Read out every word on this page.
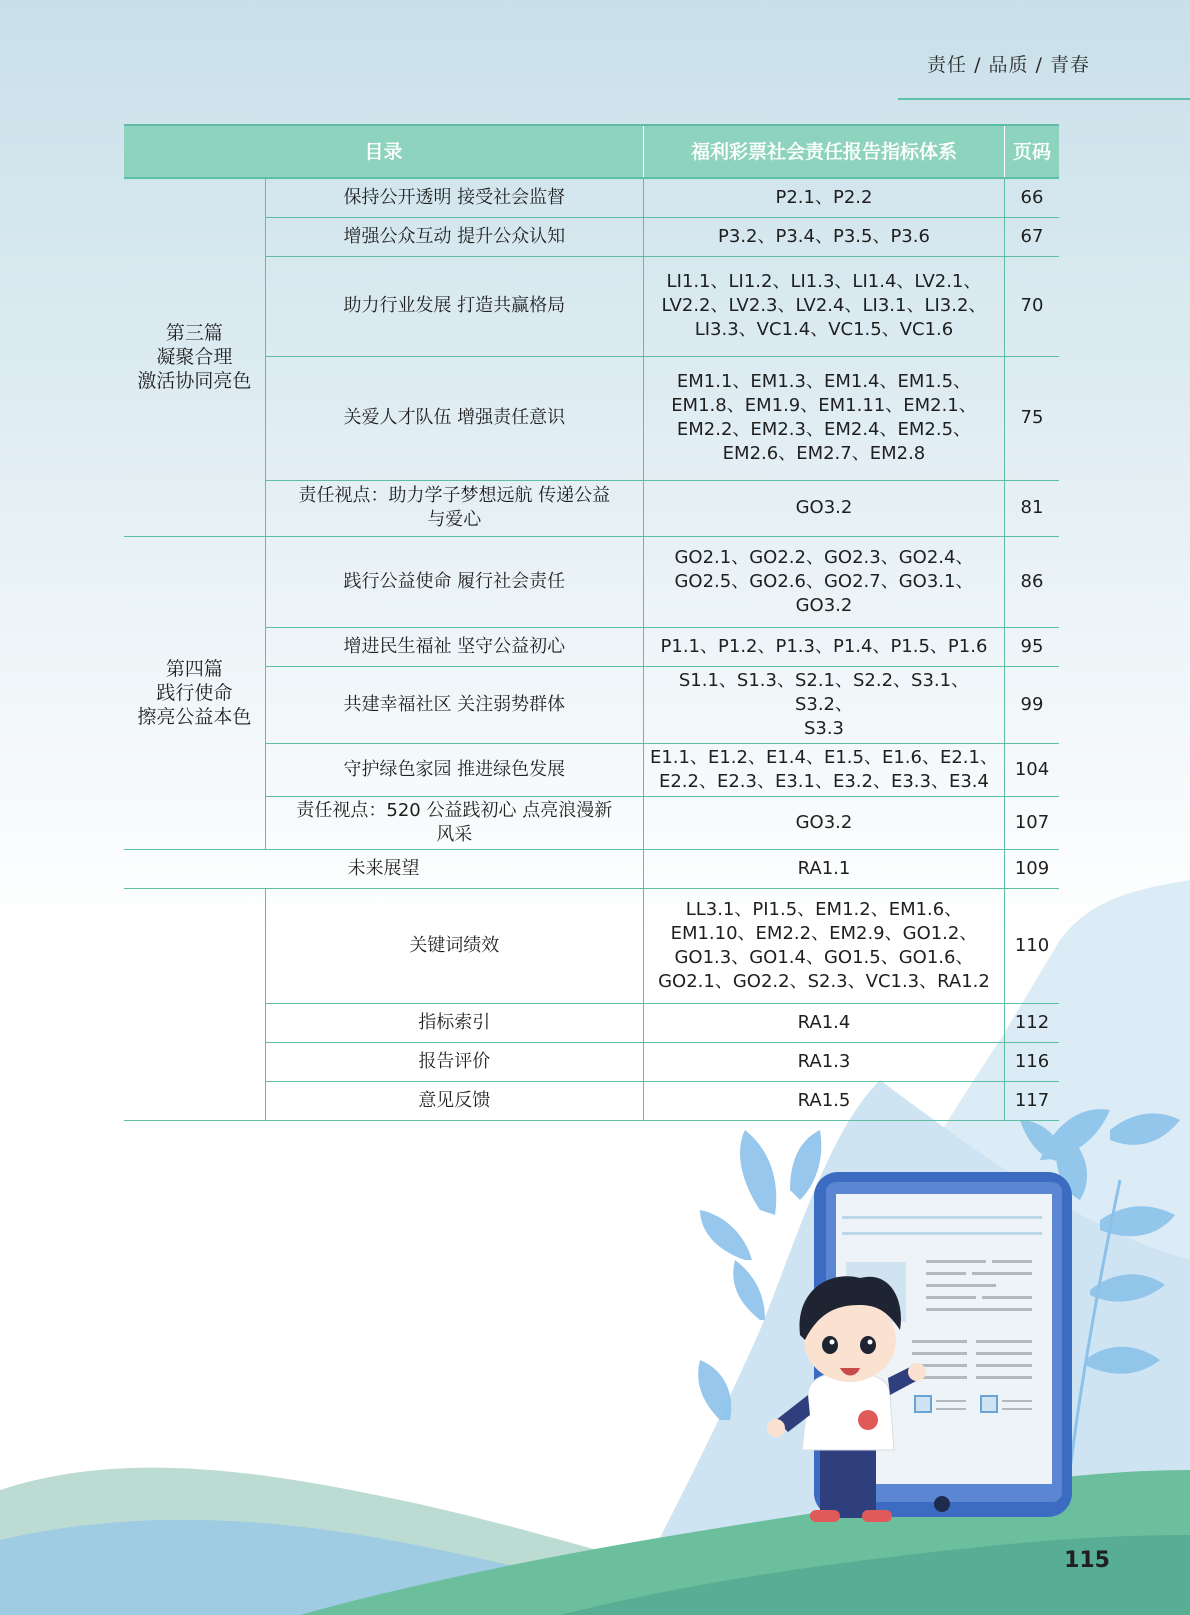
责任 / 品质 / 青春
目录		福利彩票社会责任报告指标体系	页码

第三篇
凝聚合理
激活协同亮色	保持公开透明 接受社会监督	P2.1、P2.2	66

	增强公众互动 提升公众认知	P3.2、P3.4、P3.5、P3.6	67

	助力行业发展 打造共赢格局	LI1.1、LI1.2、LI1.3、LI1.4、LV2.1、
LV2.2、LV2.3、LV2.4、LI3.1、LI3.2、
LI3.3、VC1.4、VC1.5、VC1.6	70

	关爱人才队伍 增强责任意识	EM1.1、EM1.3、EM1.4、EM1.5、
EM1.8、EM1.9、EM1.11、EM2.1、
EM2.2、EM2.3、EM2.4、EM2.5、
EM2.6、EM2.7、EM2.8	75

	责任视点：助力学子梦想远航 传递公益
与爱心	GO3.2	81

第四篇
践行使命
擦亮公益本色	践行公益使命 履行社会责任	GO2.1、GO2.2、GO2.3、GO2.4、
GO2.5、GO2.6、GO2.7、GO3.1、
GO3.2	86

	增进民生福祉 坚守公益初心	P1.1、P1.2、P1.3、P1.4、P1.5、P1.6	95

	共建幸福社区 关注弱势群体	S1.1、S1.3、S2.1、S2.2、S3.1、S3.2、
S3.3	99

	守护绿色家园 推进绿色发展	E1.1、E1.2、E1.4、E1.5、E1.6、E2.1、
E2.2、E2.3、E3.1、E3.2、E3.3、E3.4	104

	责任视点：520 公益践初心 点亮浪漫新
风采	GO3.2	107

未来展望		RA1.1	109

	关键词绩效	LL3.1、PI1.5、EM1.2、EM1.6、
EM1.10、EM2.2、EM2.9、GO1.2、
GO1.3、GO1.4、GO1.5、GO1.6、
GO2.1、GO2.2、S2.3、VC1.3、RA1.2	110

	指标索引	RA1.4	112

	报告评价	RA1.3	116

	意见反馈	RA1.5	117
115
